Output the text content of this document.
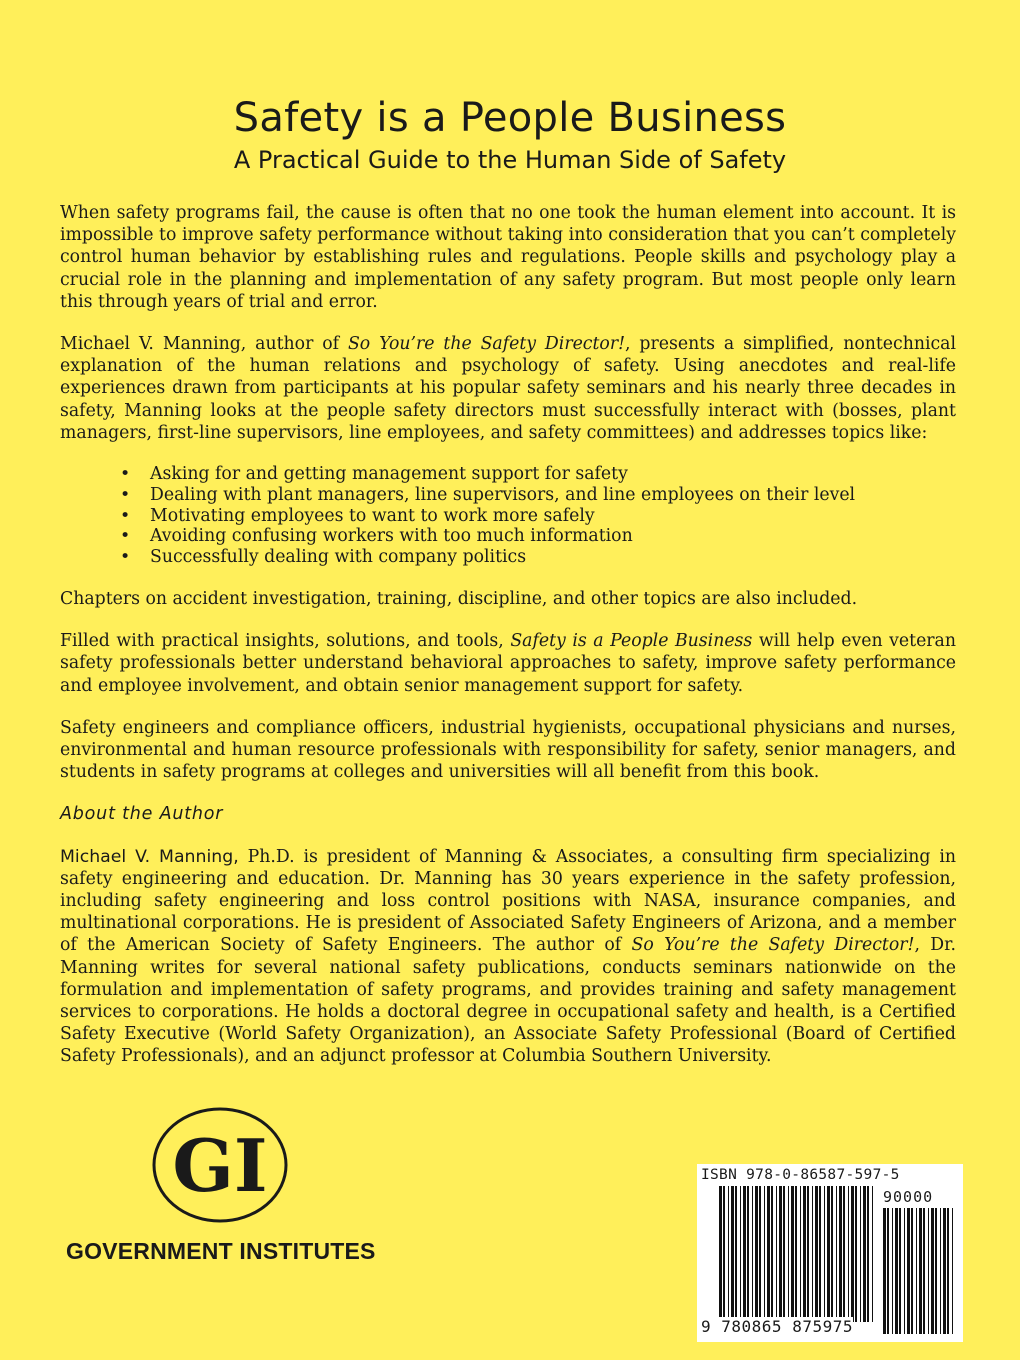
Safety is a People Business
A Practical Guide to the Human Side of Safety

When safety programs fail, the cause is often that no one took the human element into account. It is impossible to improve safety performance without taking into consideration that you can’t completely control human behavior by establishing rules and regulations. People skills and psychology play a crucial role in the planning and implementation of any safety program. But most people only learn this through years of trial and error.

Michael V. Manning, author of So You’re the Safety Director!, presents a simplified, nontechnical explanation of the human relations and psychology of safety. Using anecdotes and real-life experiences drawn from participants at his popular safety seminars and his nearly three decades in safety, Manning looks at the people safety directors must successfully interact with (bosses, plant managers, first-line supervisors, line employees, and safety committees) and addresses topics like:

• Asking for and getting management support for safety
• Dealing with plant managers, line supervisors, and line employees on their level
• Motivating employees to want to work more safely
• Avoiding confusing workers with too much information
• Successfully dealing with company politics

Chapters on accident investigation, training, discipline, and other topics are also included.

Filled with practical insights, solutions, and tools, Safety is a People Business will help even veteran safety professionals better understand behavioral approaches to safety, improve safety performance and employee involvement, and obtain senior management support for safety.

Safety engineers and compliance officers, industrial hygienists, occupational physicians and nurses, environmental and human resource professionals with responsibility for safety, senior managers, and students in safety programs at colleges and universities will all benefit from this book.

About the Author

Michael V. Manning, Ph.D. is president of Manning & Associates, a consulting firm specializing in safety engineering and education. Dr. Manning has 30 years experience in the safety profession, including safety engineering and loss control positions with NASA, insurance companies, and multinational corporations. He is president of Associated Safety Engineers of Arizona, and a member of the American Society of Safety Engineers. The author of So You’re the Safety Director!, Dr. Manning writes for several national safety publications, conducts seminars nationwide on the formulation and implementation of safety programs, and provides training and safety management services to corporations. He holds a doctoral degree in occupational safety and health, is a Certified Safety Executive (World Safety Organization), an Associate Safety Professional (Board of Certified Safety Professionals), and an adjunct professor at Columbia Southern University.

GI
GOVERNMENT INSTITUTES
ISBN 978-0-86587-597-5
90000
9 780865 875975
